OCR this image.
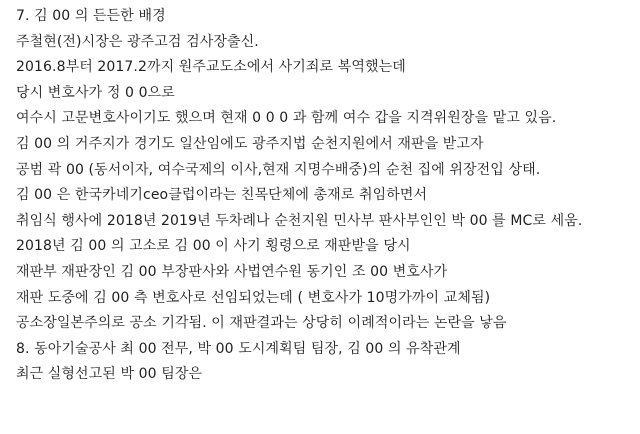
7. 김 00 의 든든한 배경
주철현(전)시장은 광주고검 검사장출신.
2016.8부터 2017.2까지 원주교도소에서 사기죄로 복역했는데
당시 변호사가 정 0 0으로
여수시 고문변호사이기도 했으며 현재 0 0 0 과 함께 여수 갑을 지격위원장을 맡고 있음.
김 00 의 거주지가 경기도 일산임에도 광주지법 순천지원에서 재판을 받고자
공범 곽 00 (동서이자, 여수국제의 이사,현재 지명수배중)의 순천 집에 위장전입 상태.
김 00 은 한국카네기ceo클럽이라는 친목단체에 총재로 취임하면서
취임식 행사에 2018년 2019년 두차례나 순천지원 민사부 판사부인인 박 00 를 MC로 세움.
2018년 김 00 의 고소로 김 00 이 사기 횡령으로 재판받을 당시
재판부 재판장인 김 00 부장판사와 사법연수원 동기인 조 00 변호사가
재판 도중에 김 00 측 변호사로 선임되었는데 ( 변호사가 10명가까이 교체됨)
공소장일본주의로 공소 기각됨. 이 재판결과는 상당히 이례적이라는 논란을 낳음
8. 동아기술공사 최 00 전무, 박 00 도시계획팀 팀장, 김 00 의 유착관계
최근 실형선고된 박 00 팀장은
